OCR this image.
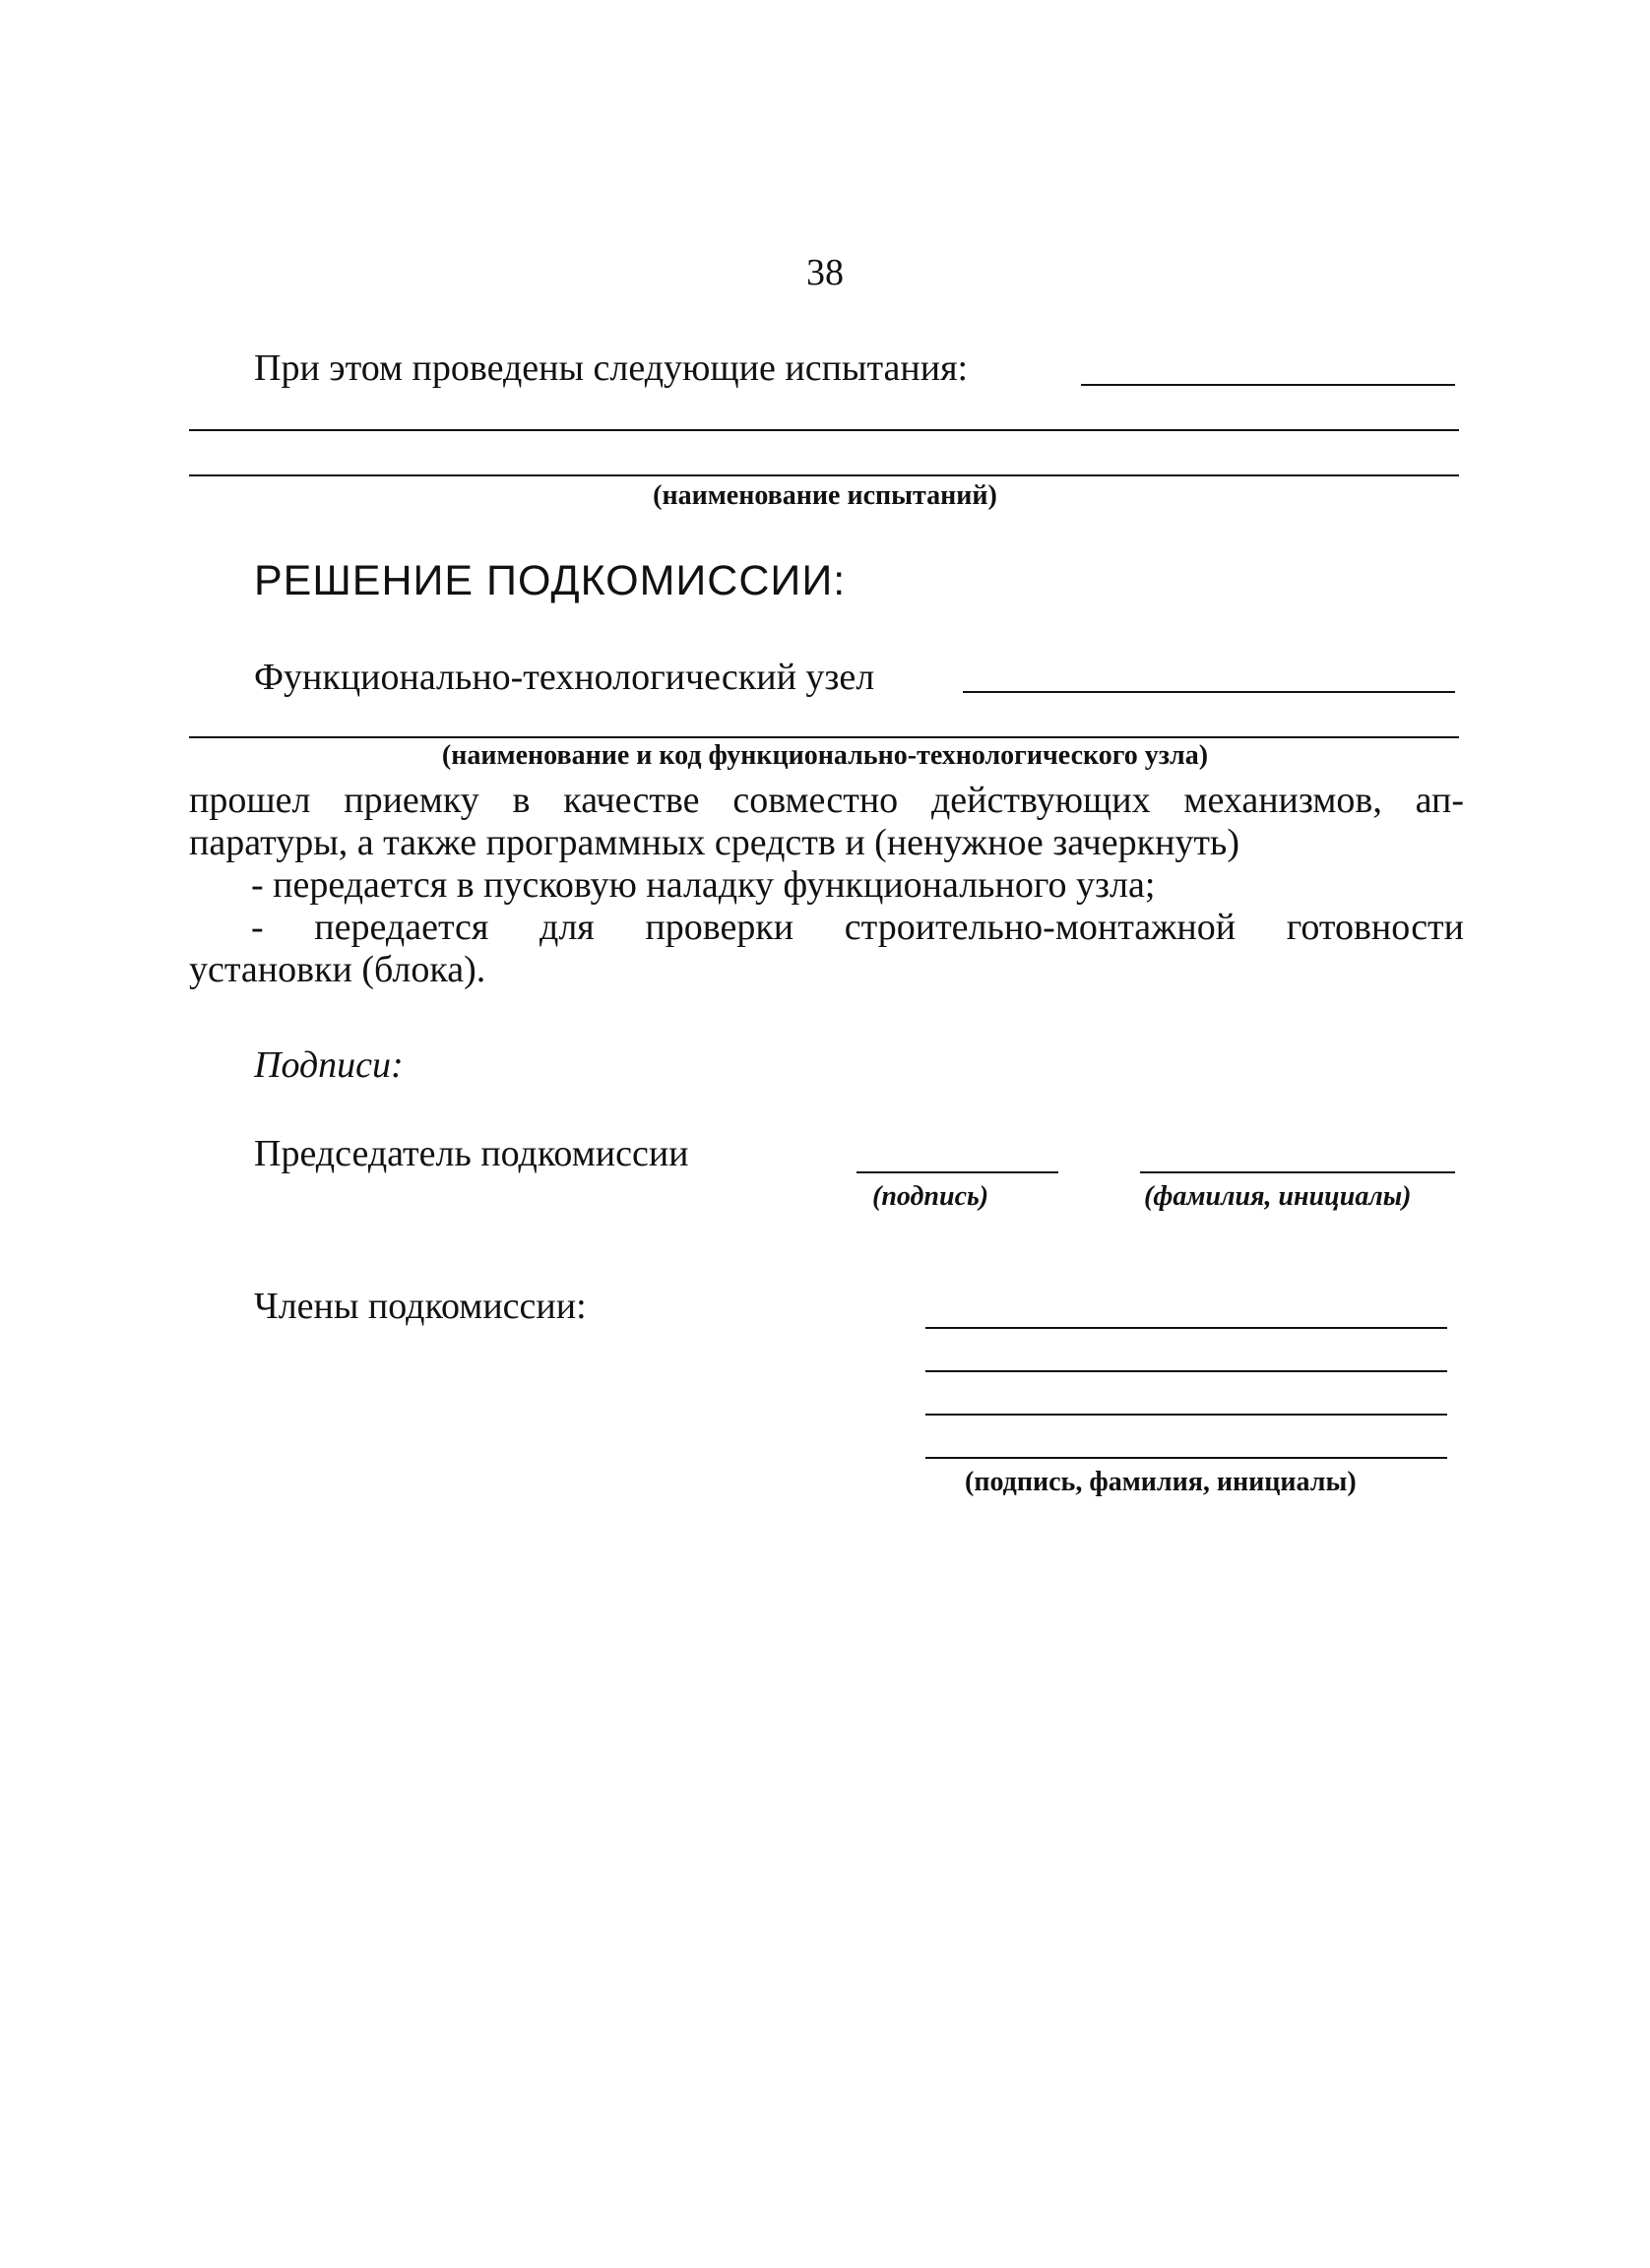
38
При этом проведены следующие испытания:
(наименование испытаний)
РЕШЕНИЕ ПОДКОМИССИИ:
Функционально-технологический узел
(наименование и код функционально-технологического узла)

прошел приемку в качестве совместно действующих механизмов, ап-

паратуры, а также программных средств и (ненужное зачеркнуть)

- передается в пусковую наладку функционального узла;

- передается для проверки строительно-монтажной готовности

установки (блока).

Подписи:
Председатель подкомиссии
(подпись)	(фамилия, инициалы)
Члены подкомиссии:
(подпись, фамилия, инициалы)
